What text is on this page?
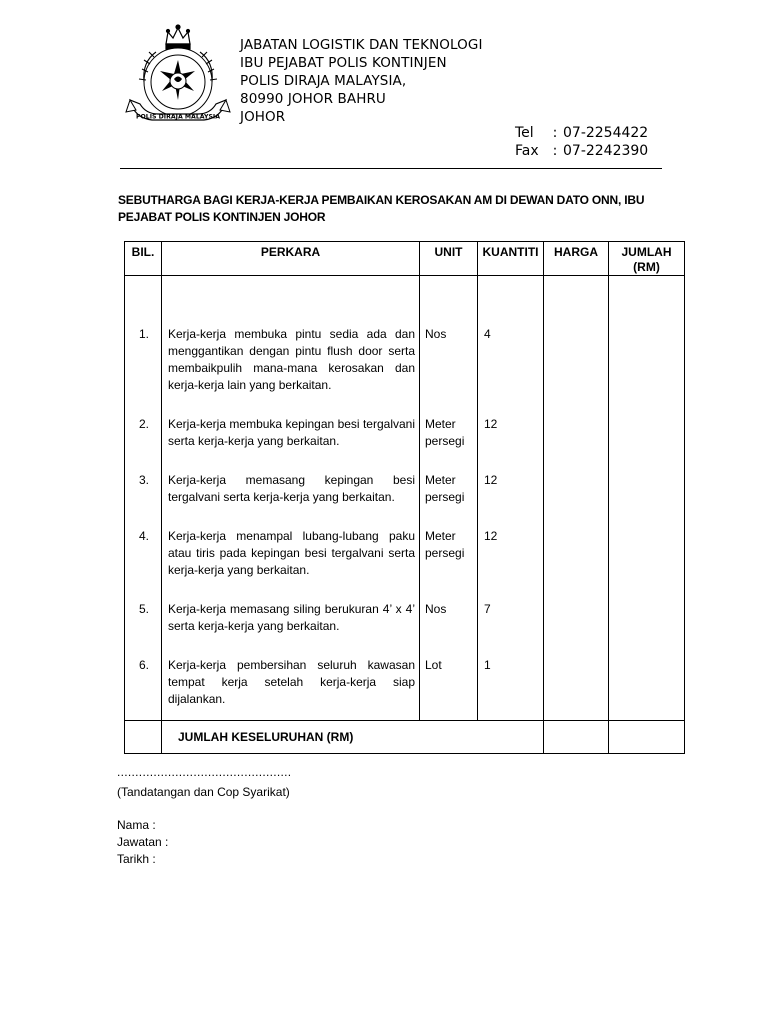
POLIS DIRAJA MALAYSIA
JABATAN LOGISTIK DAN TEKNOLOGI
IBU PEJABAT POLIS KONTINJEN
POLIS DIRAJA MALAYSIA,
80990 JOHOR BAHRU
JOHOR
Tel	: 07-2254422
Fax	: 07-2242390
SEBUTHARGA BAGI KERJA-KERJA PEMBAIKAN KEROSAKAN AM DI DEWAN DATO ONN, IBU PEJABAT POLIS KONTINJEN JOHOR
BIL.	PERKARA	UNIT	KUANTITI	HARGA	JUMLAH
(RM)

1.	Kerja-kerja membuka pintu sedia ada dan menggantikan dengan pintu flush door serta membaikpulih mana-mana kerosakan dan kerja-kerja lain yang berkaitan.	Nos	4		
2.	Kerja-kerja membuka kepingan besi tergalvani serta kerja-kerja yang berkaitan.	Meter persegi	12		
3.	Kerja-kerja memasang kepingan besi tergalvani serta kerja-kerja yang berkaitan.	Meter persegi	12		
4.	Kerja-kerja menampal lubang-lubang paku atau tiris pada kepingan besi tergalvani serta kerja-kerja yang berkaitan.	Meter persegi	12		
5.	Kerja-kerja memasang siling berukuran 4’ x 4’ serta kerja-kerja yang berkaitan.	Nos	7		
6.	Kerja-kerja pembersihan seluruh kawasan tempat kerja setelah kerja-kerja siap dijalankan.	Lot	1		
	JUMLAH KESELURUHAN (RM)				
................................................
(Tandatangan dan Cop Syarikat)
Nama :
Jawatan :
Tarikh :
